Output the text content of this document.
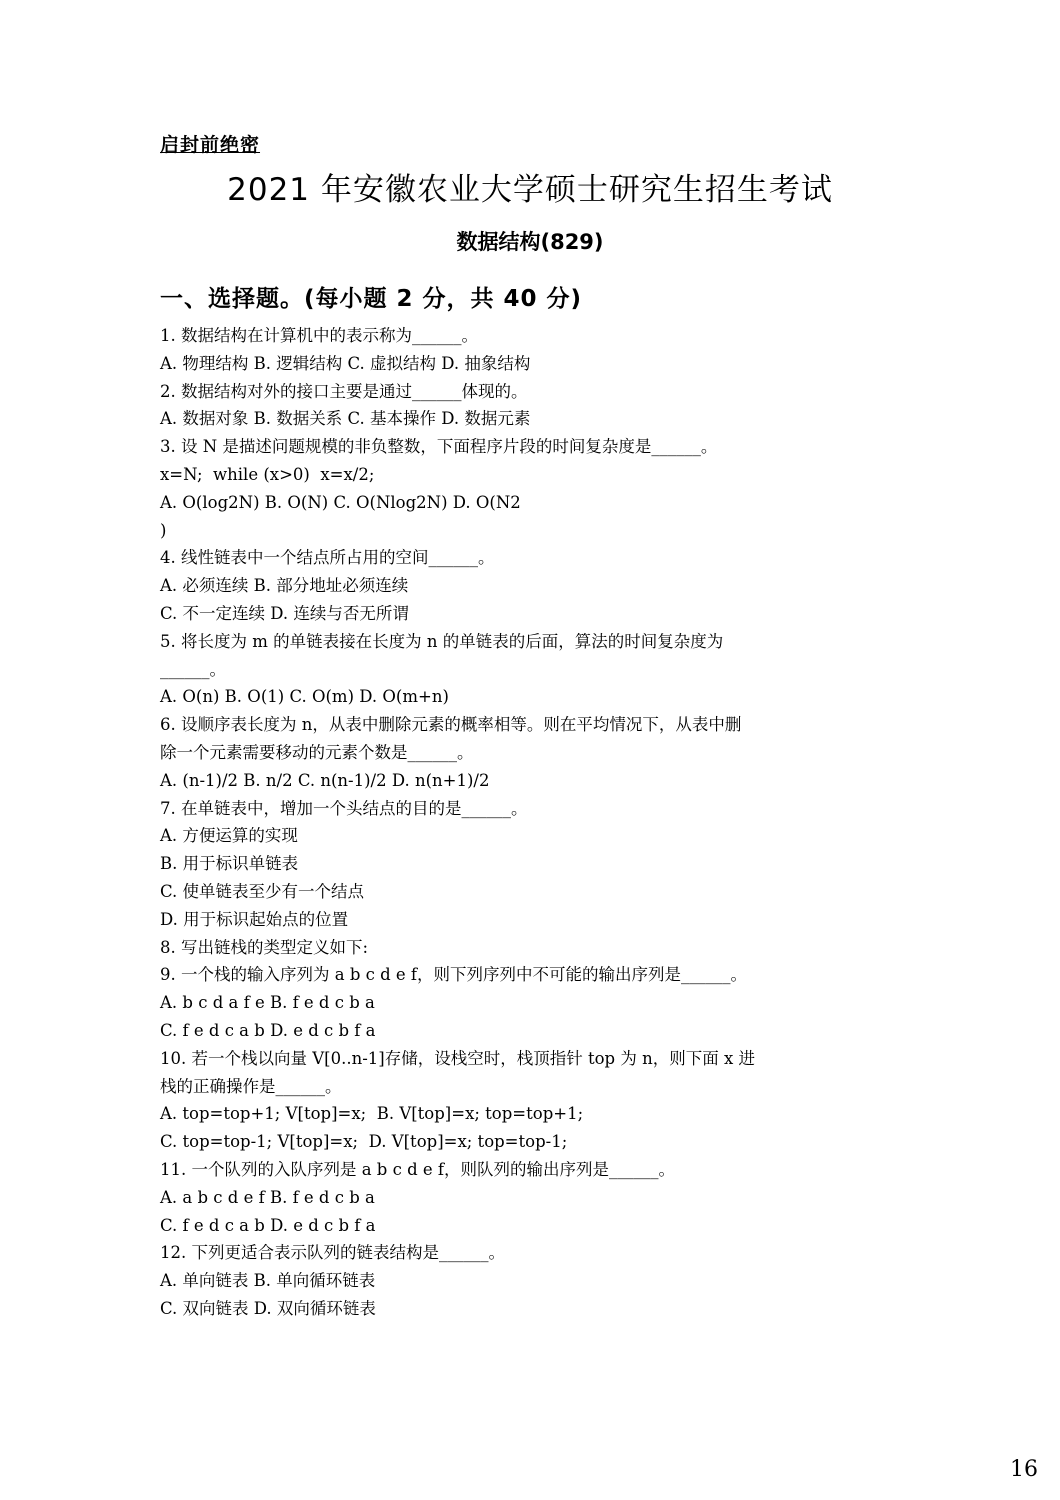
启封前绝密
2021 年安徽农业大学硕士研究生招生考试
数据结构(829)
一、选择题。(每小题 2 分，共 40 分)
1. 数据结构在计算机中的表示称为______。
A. 物理结构 B. 逻辑结构 C. 虚拟结构 D. 抽象结构
2. 数据结构对外的接口主要是通过______体现的。
A. 数据对象 B. 数据关系 C. 基本操作 D. 数据元素
3. 设 N 是描述问题规模的非负整数，下面程序片段的时间复杂度是______。
x=N;  while (x>0)  x=x/2;
A. O(log2N) B. O(N) C. O(Nlog2N) D. O(N2
)
4. 线性链表中一个结点所占用的空间______。
A. 必须连续 B. 部分地址必须连续
C. 不一定连续 D. 连续与否无所谓
5. 将长度为 m 的单链表接在长度为 n 的单链表的后面，算法的时间复杂度为
______。
A. O(n) B. O(1) C. O(m) D. O(m+n)
6. 设顺序表长度为 n，从表中删除元素的概率相等。则在平均情况下，从表中删
除一个元素需要移动的元素个数是______。
A. (n-1)/2 B. n/2 C. n(n-1)/2 D. n(n+1)/2
7. 在单链表中，增加一个头结点的目的是______。
A. 方便运算的实现
B. 用于标识单链表
C. 使单链表至少有一个结点
D. 用于标识起始点的位置
8. 写出链栈的类型定义如下:
9. 一个栈的输入序列为 a b c d e f，则下列序列中不可能的输出序列是______。
A. b c d a f e B. f e d c b a
C. f e d c a b D. e d c b f a
10. 若一个栈以向量 V[0..n-1]存储，设栈空时，栈顶指针 top 为 n，则下面 x 进
栈的正确操作是______。
A. top=top+1; V[top]=x;  B. V[top]=x; top=top+1;
C. top=top-1; V[top]=x;  D. V[top]=x; top=top-1;
11. 一个队列的入队序列是 a b c d e f，则队列的输出序列是______。
A. a b c d e f B. f e d c b a
C. f e d c a b D. e d c b f a
12. 下列更适合表示队列的链表结构是______。
A. 单向链表 B. 单向循环链表
C. 双向链表 D. 双向循环链表
16
